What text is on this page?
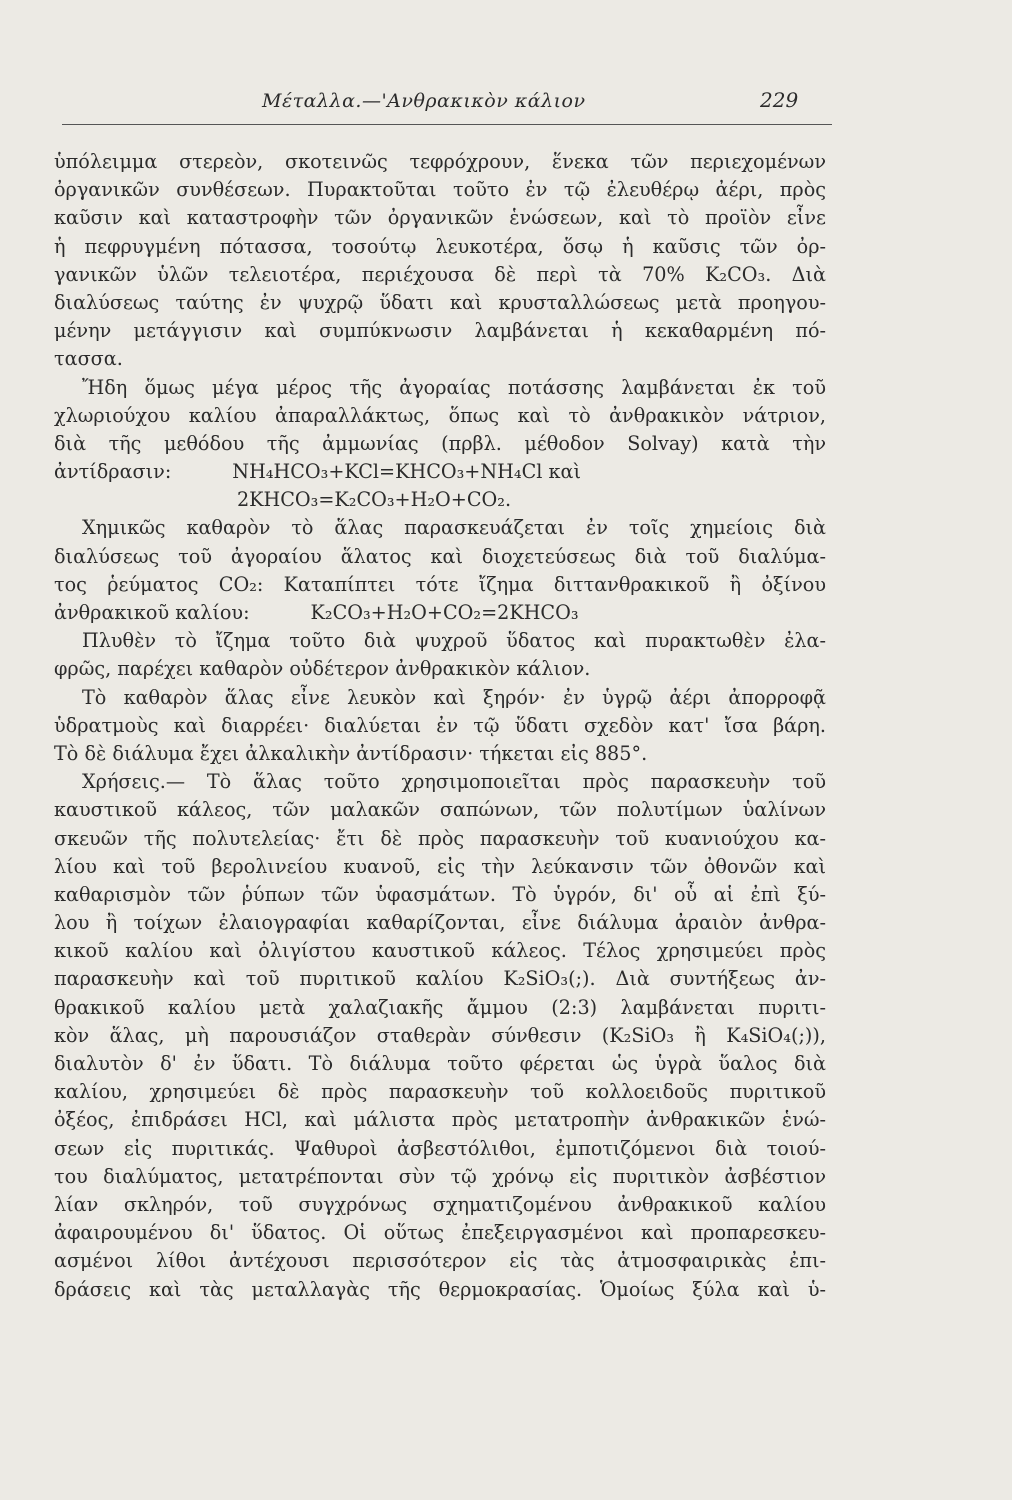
Μέταλλα.—'Ανθρακικὸν κάλιον	229
ὑπόλειμμα στερεὸν, σκοτεινῶς τεφρόχρουν, ἕνεκα τῶν περιεχομένων
ὀργανικῶν συνθέσεων. Πυρακτοῦται τοῦτο ἐν τῷ ἐλευθέρῳ ἀέρι, πρὸς
καῦσιν καὶ καταστροφὴν τῶν ὀργανικῶν ἑνώσεων, καὶ τὸ προϊὸν εἶνε
ἡ πεφρυγμένη πότασσα, τοσούτῳ λευκοτέρα, ὅσῳ ἡ καῦσις τῶν ὀρ-
γανικῶν ὑλῶν τελειοτέρα, περιέχουσα δὲ περὶ τὰ 70% K₂CO₃. Διὰ
διαλύσεως ταύτης ἐν ψυχρῷ ὕδατι καὶ κρυσταλλώσεως μετὰ προηγου-
μένην μετάγγισιν καὶ συμπύκνωσιν λαμβάνεται ἡ κεκαθαρμένη πό-
τασσα.
Ἤδη ὅμως μέγα μέρος τῆς ἀγοραίας ποτάσσης λαμβάνεται ἐκ τοῦ
χλωριούχου καλίου ἀπαραλλάκτως, ὅπως καὶ τὸ ἀνθρακικὸν νάτριον,
διὰ τῆς μεθόδου τῆς ἀμμωνίας (πρβλ. μέθοδον Solvay) κατὰ τὴν
ἀντίδρασιν:          NH₄HCO₃+KCl=KHCO₃+NH₄Cl καὶ
2KHCO₃=K₂CO₃+H₂O+CO₂.
Χημικῶς καθαρὸν τὸ ἅλας παρασκευάζεται ἐν τοῖς χημείοις διὰ
διαλύσεως τοῦ ἀγοραίου ἅλατος καὶ διοχετεύσεως διὰ τοῦ διαλύμα-
τος ῥεύματος CO₂: Καταπίπτει τότε ἴζημα διττανθρακικοῦ ἢ ὀξίνου
ἀνθρακικοῦ καλίου:          K₂CO₃+H₂O+CO₂=2KHCO₃
Πλυθὲν τὸ ἴζημα τοῦτο διὰ ψυχροῦ ὕδατος καὶ πυρακτωθὲν ἐλα-
φρῶς, παρέχει καθαρὸν οὐδέτερον ἀνθρακικὸν κάλιον.
Τὸ καθαρὸν ἅλας εἶνε λευκὸν καὶ ξηρόν· ἐν ὑγρῷ ἀέρι ἀπορροφᾷ
ὑδρατμοὺς καὶ διαρρέει· διαλύεται ἐν τῷ ὕδατι σχεδὸν κατ' ἴσα βάρη.
Τὸ δὲ διάλυμα ἔχει ἀλκαλικὴν ἀντίδρασιν· τήκεται εἰς 885°.
Χρήσεις.— Τὸ ἅλας τοῦτο χρησιμοποιεῖται πρὸς παρασκευὴν τοῦ
καυστικοῦ κάλεος, τῶν μαλακῶν σαπώνων, τῶν πολυτίμων ὑαλίνων
σκευῶν τῆς πολυτελείας· ἔτι δὲ πρὸς παρασκευὴν τοῦ κυανιούχου κα-
λίου καὶ τοῦ βερολινείου κυανοῦ, εἰς τὴν λεύκανσιν τῶν ὀθονῶν καὶ
καθαρισμὸν τῶν ῥύπων τῶν ὑφασμάτων. Τὸ ὑγρόν, δι' οὗ αἱ ἐπὶ ξύ-
λου ἢ τοίχων ἐλαιογραφίαι καθαρίζονται, εἶνε διάλυμα ἀραιὸν ἀνθρα-
κικοῦ καλίου καὶ ὀλιγίστου καυστικοῦ κάλεος. Τέλος χρησιμεύει πρὸς
παρασκευὴν καὶ τοῦ πυριτικοῦ καλίου K₂SiO₃(;). Διὰ συντήξεως ἀν-
θρακικοῦ καλίου μετὰ χαλαζιακῆς ἄμμου (2:3) λαμβάνεται πυριτι-
κὸν ἅλας, μὴ παρουσιάζον σταθερὰν σύνθεσιν (K₂SiO₃ ἢ K₄SiO₄(;)),
διαλυτὸν δ' ἐν ὕδατι. Τὸ διάλυμα τοῦτο φέρεται ὡς ὑγρὰ ὕαλος διὰ
καλίου, χρησιμεύει δὲ πρὸς παρασκευὴν τοῦ κολλοειδοῦς πυριτικοῦ
ὀξέος, ἐπιδράσει HCl, καὶ μάλιστα πρὸς μετατροπὴν ἀνθρακικῶν ἑνώ-
σεων εἰς πυριτικάς. Ψαθυροὶ ἀσβεστόλιθοι, ἐμποτιζόμενοι διὰ τοιού-
του διαλύματος, μετατρέπονται σὺν τῷ χρόνῳ εἰς πυριτικὸν ἀσβέστιον
λίαν σκληρόν, τοῦ συγχρόνως σχηματιζομένου ἀνθρακικοῦ καλίου
ἀφαιρουμένου δι' ὕδατος. Οἱ οὕτως ἐπεξειργασμένοι καὶ προπαρεσκευ-
ασμένοι λίθοι ἀντέχουσι περισσότερον εἰς τὰς ἀτμοσφαιρικὰς ἐπι-
δράσεις καὶ τὰς μεταλλαγὰς τῆς θερμοκρασίας. Ὁμοίως ξύλα καὶ ὑ-
